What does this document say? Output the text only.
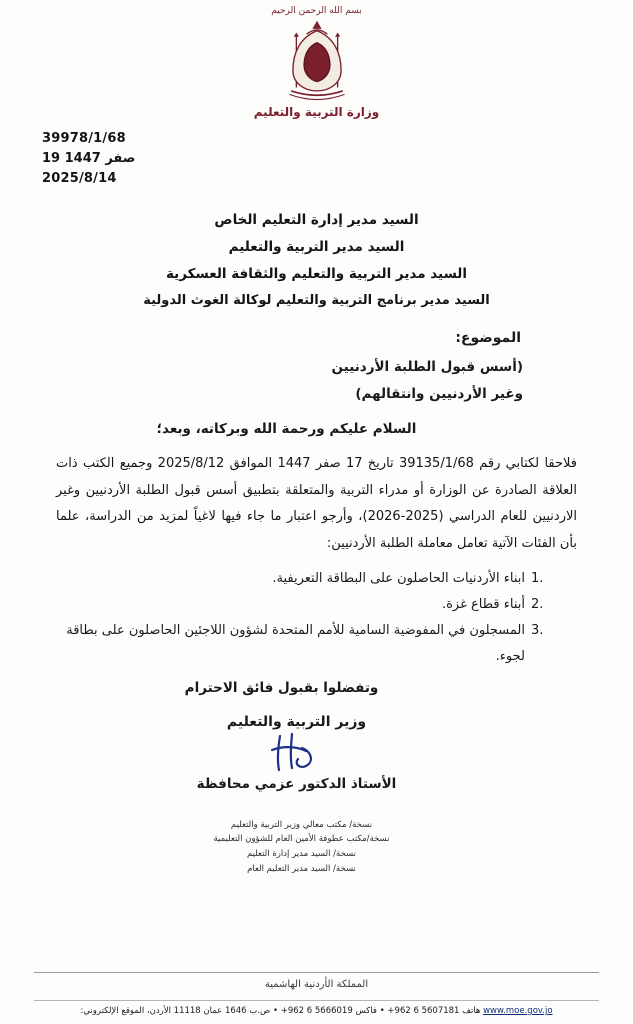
بسم الله الرحمن الرحيم
وزارة التربية والتعليم
39978/1/68
19 صفر 1447
2025/8/14
السيد مدير إدارة التعليم الخاص
السيد مدير التربية والتعليم
السيد مدير التربية والتعليم والثقافة العسكرية
السيد مدير برنامج التربية والتعليم لوكالة الغوث الدولية
الموضوع:
(أسس قبول الطلبة الأردنيين
وغير الأردنيين وانتقالهم)
السلام عليكم ورحمة الله وبركاته، وبعد؛

فلاحقا لكتابي رقم 39135/1/68 تاريخ 17 صفر 1447 الموافق 2025/8/12 وجميع الكتب ذات العلاقة الصادرة عن الوزارة أو مدراء التربية والمتعلقة بتطبيق أسس قبول الطلبة الأردنيين وغير الاردنيين للعام الدراسي (2025-2026)، وأرجو اعتبار ما جاء فيها لاغياً لمزيد من الدراسة، علما بأن الفئات الآتية تعامل معاملة الطلبة الأردنيين:

1.
ابناء الأردنيات الحاصلون على البطاقة التعريفية.
2.
أبناء قطاع غزة.
3.
المسجلون في المفوضية السامية للأمم المتحدة لشؤون اللاجئين الحاصلون على بطاقة لجوء.
وتفضلوا بقبول فائق الاحترام
وزير التربية والتعليم
الأستاذ الدكتور عزمي محافظة
نسخة/ مكتب معالي وزير التربية والتعليم
نسخة/مكتب عطوفة الأمين العام للشؤون التعليمية
نسخة/ السيد مدير إدارة التعليم
نسخة/ السيد مدير التعليم العام
المملكة الأردنية الهاشمية
www.moe.gov.jo هاتف 5607181 6 962+ • فاكس 5666019 6 962+ • ص.ب 1646 عمان 11118 الأردن، الموقع الإلكتروني:
